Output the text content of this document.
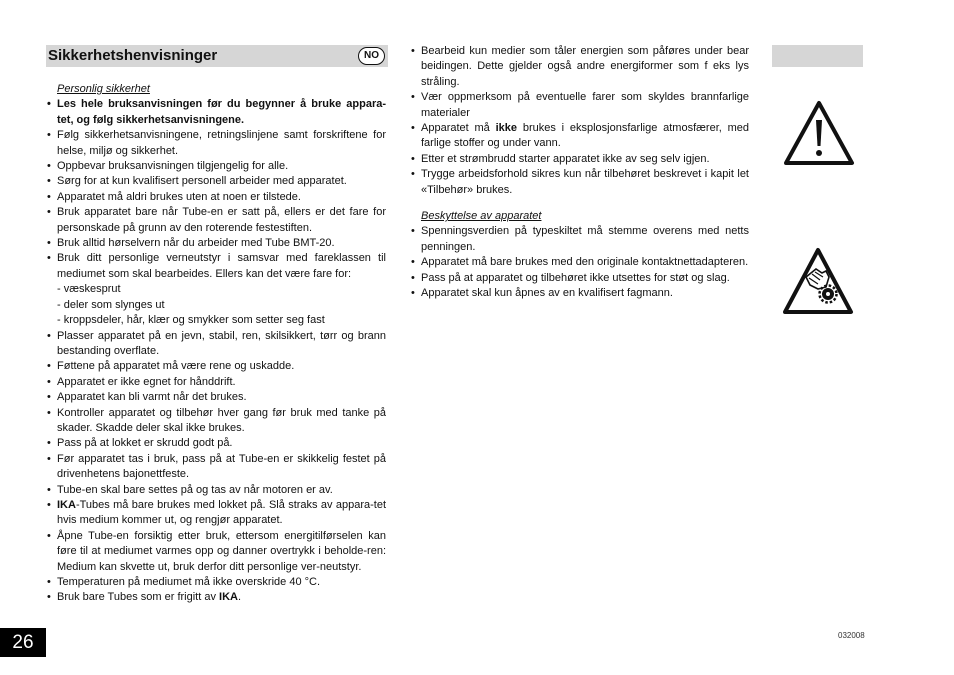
Sikkerhetshenvisninger	NO
Personlig sikkerhet
• Les hele bruksanvisningen før du begynner å bruke appara-tet, og følg sikkerhetsanvisningene.
• Følg sikkerhetsanvisningene, retningslinjene samt forskriftene for helse, miljø og sikkerhet.
• Oppbevar bruksanvisningen tilgjengelig for alle.
• Sørg for at kun kvalifisert personell arbeider med apparatet.
• Apparatet må aldri brukes uten at noen er tilstede.
• Bruk apparatet bare når Tube-en er satt på, ellers er det fare for personskade på grunn av den roterende festestiften.
• Bruk alltid hørselvern når du arbeider med Tube BMT-20.
• Bruk ditt personlige verneutstyr i samsvar med fareklassen til mediumet som skal bearbeides. Ellers kan det være fare for:
- væskesprut
- deler som slynges ut
- kroppsdeler, hår, klær og smykker som setter seg fast
• Plasser apparatet på en jevn, stabil, ren, skilsikkert, tørr og brann bestanding overflate.
• Føttene på apparatet må være rene og uskadde.
• Apparatet er ikke egnet for hånddrift.
• Apparatet kan bli varmt når det brukes.
• Kontroller apparatet og tilbehør hver gang før bruk med tanke på skader. Skadde deler skal ikke brukes.
• Pass på at lokket er skrudd godt på.
• Før apparatet tas i bruk, pass på at Tube-en er skikkelig festet på drivenhetens bajonettfeste.
• Tube-en skal bare settes på og tas av når motoren er av.
• IKA-Tubes må bare brukes med lokket på. Slå straks av appara-tet hvis medium kommer ut, og rengjør apparatet.
• Åpne Tube-en forsiktig etter bruk, ettersom energitilførselen kan føre til at mediumet varmes opp og danner overtrykk i beholde-ren: Medium kan skvette ut, bruk derfor ditt personlige ver-neutstyr.
• Temperaturen på mediumet må ikke overskride 40 °C.
• Bruk bare Tubes som er frigitt av IKA.
• Bearbeid kun medier som tåler energien som påføres under bear beidingen. Dette gjelder også andre energiformer som f eks lys stråling.
• Vær oppmerksom på eventuelle farer som skyldes brannfarlige materialer
• Apparatet må ikke brukes i eksplosjonsfarlige atmosfærer, med farlige stoffer og under vann.
• Etter et strømbrudd starter apparatet ikke av seg selv igjen.
• Trygge arbeidsforhold sikres kun når tilbehøret beskrevet i kapit let «Tilbehør» brukes.
Beskyttelse av apparatet
• Spenningsverdien på typeskiltet må stemme overens med netts penningen.
• Apparatet må bare brukes med den originale kontaktnettadapteren.
• Pass på at apparatet og tilbehøret ikke utsettes for støt og slag.
• Apparatet skal kun åpnes av en kvalifisert fagmann.
26	032008
